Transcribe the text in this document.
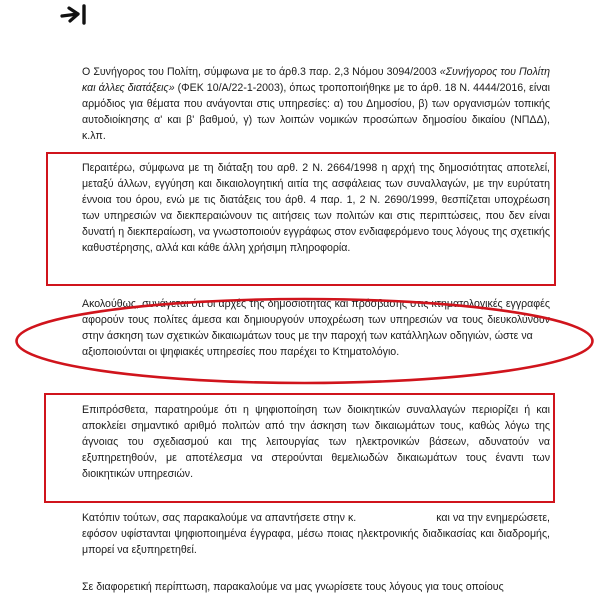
Ο Συνήγορος του Πολίτη, σύμφωνα με το άρθ.3 παρ. 2,3 Νόμου 3094/2003 «Συνήγορος του Πολίτη και άλλες διατάξεις» (ΦΕΚ 10/Α/22-1-2003), όπως τροποποιήθηκε με το άρθ. 18 Ν. 4444/2016, είναι αρμόδιος για θέματα που ανάγονται στις υπηρεσίες: α) του Δημοσίου, β) των οργανισμών τοπικής αυτοδιοίκησης α' και β' βαθμού, γ) των λοιπών νομικών προσώπων δημοσίου δικαίου (ΝΠΔΔ), κ.λπ.

Περαιτέρω, σύμφωνα με τη διάταξη του αρθ. 2 Ν. 2664/1998 η αρχή της δημοσιότητας αποτελεί, μεταξύ άλλων, εγγύηση και δικαιολογητική αιτία της ασφάλειας των συναλλαγών, με την ευρύτατη έννοια του όρου, ενώ με τις διατάξεις του άρθ. 4 παρ. 1, 2 Ν. 2690/1999, θεσπίζεται υποχρέωση των υπηρεσιών να διεκπεραιώνουν τις αιτήσεις των πολιτών και στις περιπτώσεις, που δεν είναι δυνατή η διεκπεραίωση, να γνωστοποιούν εγγράφως στον ενδιαφερόμενο τους λόγους της σχετικής καθυστέρησης, αλλά και κάθε άλλη χρήσιμη πληροφορία.

Ακολούθως, συνάγεται ότι οι αρχές της δημοσιότητας και πρόσβασης στις κτηματολογικές εγγραφές αφορούν τους πολίτες άμεσα και δημιουργούν υποχρέωση των υπηρεσιών να τους διευκολύνουν στην άσκηση των σχετικών δικαιωμάτων τους με την παροχή των κατάλληλων οδηγιών, ώστε να
αξιοποιούνται οι ψηφιακές υπηρεσίες που παρέχει το Κτηματολόγιο.

Επιπρόσθετα, παρατηρούμε ότι η ψηφιοποίηση των διοικητικών συναλλαγών περιορίζει ή και αποκλείει σημαντικό αριθμό πολιτών από την άσκηση των δικαιωμάτων τους, καθώς λόγω της άγνοιας του σχεδιασμού και της λειτουργίας των ηλεκτρονικών βάσεων, αδυνατούν να εξυπηρετηθούν, με αποτέλεσμα να στερούνται θεμελιωδών δικαιωμάτων τους έναντι των διοικητικών υπηρεσιών.

Κατόπιν τούτων, σας παρακαλούμε να απαντήσετε στην κ.	και να την ενημερώσετε, εφόσον υφίστανται ψηφιοποιημένα έγγραφα, μέσω ποιας ηλεκτρονικής διαδικασίας και διαδρομής, μπορεί να εξυπηρετηθεί.

Σε διαφορετική περίπτωση, παρακαλούμε να μας γνωρίσετε τους λόγους για τους οποίους
